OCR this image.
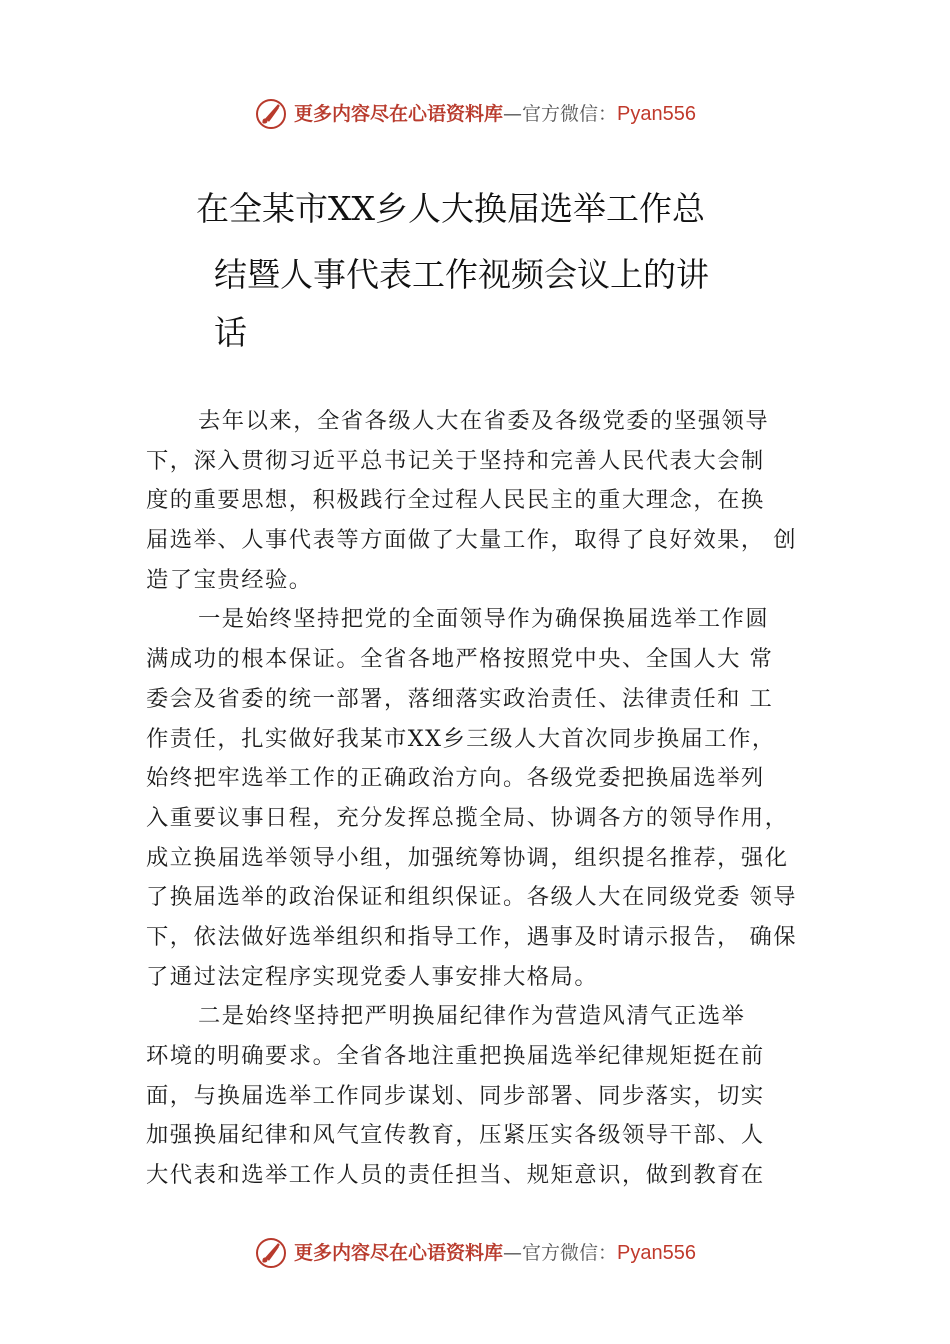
更多内容尽在心语资料库—官方微信：Pyan556
在全某市XX乡人大换届选举工作总
结暨人事代表工作视频会议上的讲
话
去年以来，全省各级人大在省委及各级党委的坚强领导
下，深入贯彻习近平总书记关于坚持和完善人民代表大会制
度的重要思想，积极践行全过程人民民主的重大理念，在换
届选举、人事代表等方面做了大量工作，取得了良好效果， 创
造了宝贵经验。
一是始终坚持把党的全面领导作为确保换届选举工作圆
满成功的根本保证。全省各地严格按照党中央、全国人大 常
委会及省委的统一部署，落细落实政治责任、法律责任和 工
作责任，扎实做好我某市XX乡三级人大首次同步换届工作，
始终把牢选举工作的正确政治方向。各级党委把换届选举列
入重要议事日程，充分发挥总揽全局、协调各方的领导作用，
成立换届选举领导小组，加强统筹协调，组织提名推荐，强化
了换届选举的政治保证和组织保证。各级人大在同级党委 领导
下，依法做好选举组织和指导工作，遇事及时请示报告， 确保
了通过法定程序实现党委人事安排大格局。
二是始终坚持把严明换届纪律作为营造风清气正选举
环境的明确要求。全省各地注重把换届选举纪律规矩挺在前
面，与换届选举工作同步谋划、同步部署、同步落实，切实
加强换届纪律和风气宣传教育，压紧压实各级领导干部、人
大代表和选举工作人员的责任担当、规矩意识，做到教育在
更多内容尽在心语资料库—官方微信：Pyan556
